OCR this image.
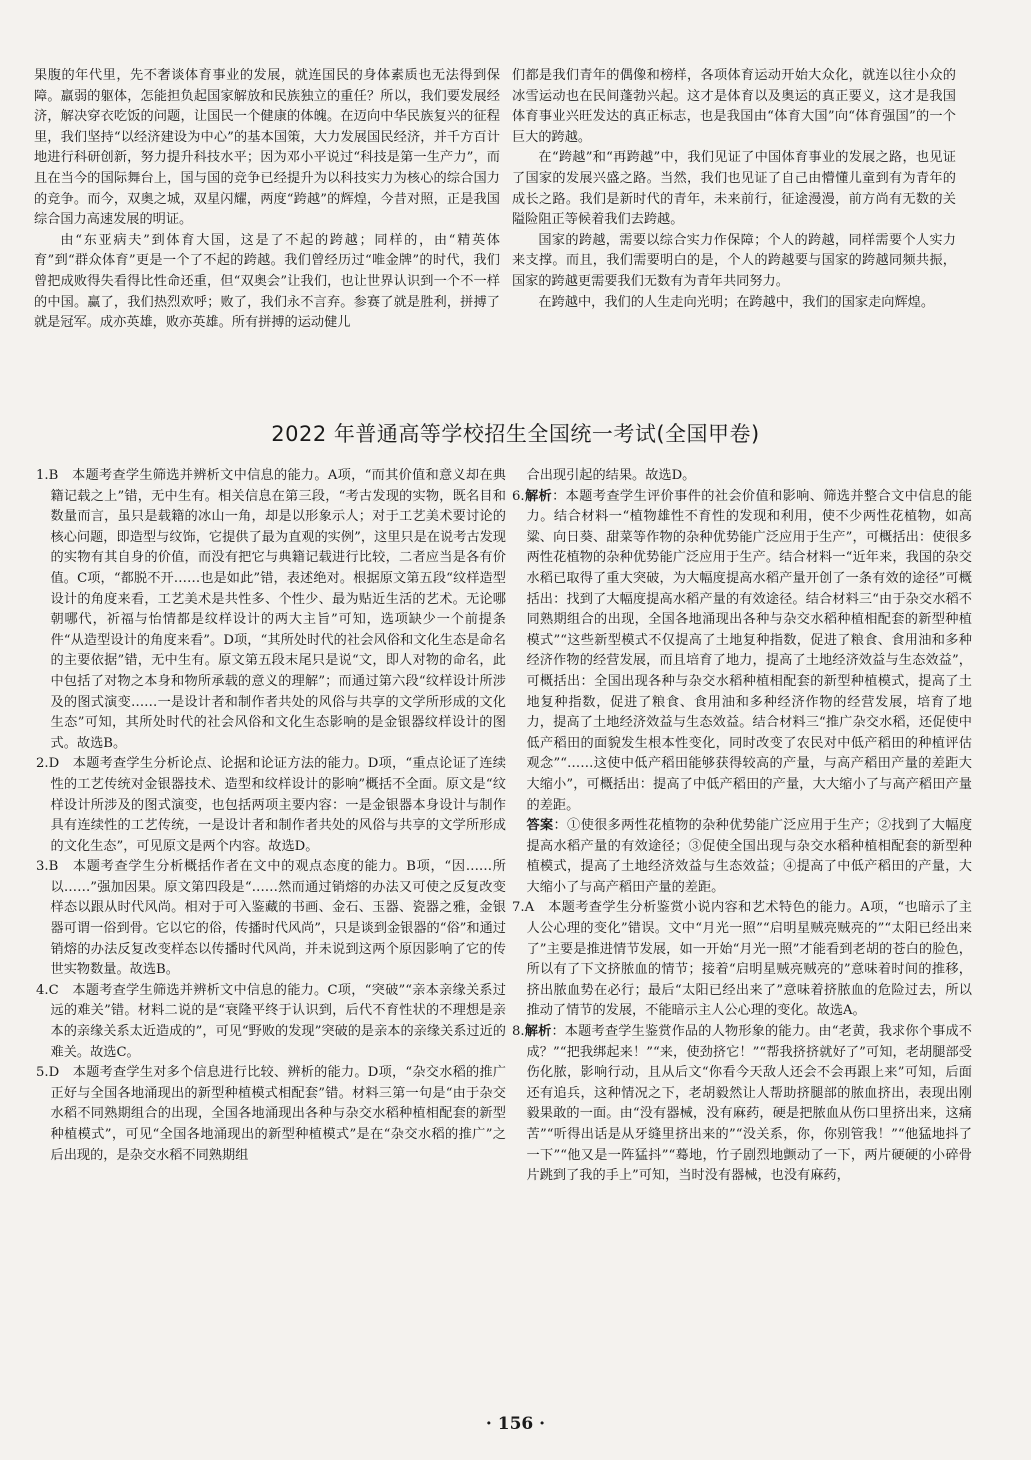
果腹的年代里，先不奢谈体育事业的发展，就连国民的身体素质也无法得到保障。羸弱的躯体，怎能担负起国家解放和民族独立的重任？所以，我们要发展经济，解决穿衣吃饭的问题，让国民一个健康的体魄。在迈向中华民族复兴的征程里，我们坚持“以经济建设为中心”的基本国策，大力发展国民经济，并千方百计地进行科研创新，努力提升科技水平；因为邓小平说过“科技是第一生产力”，而且在当今的国际舞台上，国与国的竞争已经提升为以科技实力为核心的综合国力的竞争。而今，双奥之城，双星闪耀，两度“跨越”的辉煌，今昔对照，正是我国综合国力高速发展的明证。

由“东亚病夫”到体育大国，这是了不起的跨越；同样的，由“精英体育”到“群众体育”更是一个了不起的跨越。我们曾经历过“唯金牌”的时代，我们曾把成败得失看得比性命还重，但“双奥会”让我们，也让世界认识到一个不一样的中国。赢了，我们热烈欢呼；败了，我们永不言弃。参赛了就是胜利，拼搏了就是冠军。成亦英雄，败亦英雄。所有拼搏的运动健儿

们都是我们青年的偶像和榜样，各项体育运动开始大众化，就连以往小众的冰雪运动也在民间蓬勃兴起。这才是体育以及奥运的真正要义，这才是我国体育事业兴旺发达的真正标志，也是我国由“体育大国”向“体育强国”的一个巨大的跨越。

在“跨越”和“再跨越”中，我们见证了中国体育事业的发展之路，也见证了国家的发展兴盛之路。当然，我们也见证了自己由懵懂儿童到有为青年的成长之路。我们是新时代的青年，未来前行，征途漫漫，前方尚有无数的关隘险阻正等候着我们去跨越。

国家的跨越，需要以综合实力作保障；个人的跨越，同样需要个人实力来支撑。而且，我们需要明白的是，个人的跨越要与国家的跨越同频共振，国家的跨越更需要我们无数有为青年共同努力。

在跨越中，我们的人生走向光明；在跨越中，我们的国家走向辉煌。

2022 年普通高等学校招生全国统一考试(全国甲卷)

1.B　本题考查学生筛选并辨析文中信息的能力。A项，“而其价值和意义却在典籍记载之上”错，无中生有。相关信息在第三段，“考古发现的实物，既名目和数量而言，虽只是载籍的冰山一角，却是以形象示人；对于工艺美术要讨论的核心问题，即造型与纹饰，它提供了最为直观的实例”，这里只是在说考古发现的实物有其自身的价值，而没有把它与典籍记载进行比较，二者应当是各有价值。C项，“都脱不开……也是如此”错，表述绝对。根据原文第五段“纹样造型设计的角度来看，工艺美术是共性多、个性少、最为贴近生活的艺术。无论哪朝哪代，祈福与怡情都是纹样设计的两大主旨”可知，选项缺少一个前提条件“从造型设计的角度来看”。D项，“其所处时代的社会风俗和文化生态是命名的主要依据”错，无中生有。原文第五段末尾只是说“文，即人对物的命名，此中包括了对物之本身和物所承载的意义的理解”；而通过第六段“纹样设计所涉及的图式演变……一是设计者和制作者共处的风俗与共享的文学所形成的文化生态”可知，其所处时代的社会风俗和文化生态影响的是金银器纹样设计的图式。故选B。

2.D　本题考查学生分析论点、论据和论证方法的能力。D项，“重点论证了连续性的工艺传统对金银器技术、造型和纹样设计的影响”概括不全面。原文是“纹样设计所涉及的图式演变，也包括两项主要内容：一是金银器本身设计与制作具有连续性的工艺传统，一是设计者和制作者共处的风俗与共享的文学所形成的文化生态”，可见原文是两个内容。故选D。

3.B　本题考查学生分析概括作者在文中的观点态度的能力。B项，“因……所以……”强加因果。原文第四段是“……然而通过销熔的办法又可使之反复改变样态以跟从时代风尚。相对于可入鉴藏的书画、金石、玉器、瓷器之雅，金银器可谓一俗到骨。它以它的俗，传播时代风尚”，只是谈到金银器的“俗”和通过销熔的办法反复改变样态以传播时代风尚，并未说到这两个原因影响了它的传世实物数量。故选B。

4.C　本题考查学生筛选并辨析文中信息的能力。C项，“突破”“亲本亲缘关系过远的难关”错。材料二说的是“衰隆平终于认识到，后代不育性状的不理想是亲本的亲缘关系太近造成的”，可见“野败的发现”突破的是亲本的亲缘关系过近的难关。故选C。

5.D　本题考查学生对多个信息进行比较、辨析的能力。D项，“杂交水稻的推广正好与全国各地涌现出的新型种植模式相配套”错。材料三第一句是“由于杂交水稻不同熟期组合的出现，全国各地涌现出各种与杂交水稻种植相配套的新型种植模式”，可见“全国各地涌现出的新型种植模式”是在“杂交水稻的推广”之后出现的，是杂交水稻不同熟期组

合出现引起的结果。故选D。

6.解析：本题考查学生评价事件的社会价值和影响、筛选并整合文中信息的能力。结合材料一“植物雄性不育性的发现和利用，使不少两性花植物，如高粱、向日葵、甜菜等作物的杂种优势能广泛应用于生产”，可概括出：使很多两性花植物的杂种优势能广泛应用于生产。结合材料一“近年来，我国的杂交水稻已取得了重大突破，为大幅度提高水稻产量开创了一条有效的途径”可概括出：找到了大幅度提高水稻产量的有效途径。结合材料三“由于杂交水稻不同熟期组合的出现，全国各地涌现出各种与杂交水稻种植相配套的新型种植模式”“这些新型模式不仅提高了土地复种指数，促进了粮食、食用油和多种经济作物的经营发展，而且培育了地力，提高了土地经济效益与生态效益”，可概括出：全国出现各种与杂交水稻种植相配套的新型种植模式，提高了土地复种指数，促进了粮食、食用油和多种经济作物的经营发展，培育了地力，提高了土地经济效益与生态效益。结合材料三“推广杂交水稻，还促使中低产稻田的面貌发生根本性变化，同时改变了农民对中低产稻田的种植评估观念”“……这使中低产稻田能够获得较高的产量，与高产稻田产量的差距大大缩小”，可概括出：提高了中低产稻田的产量，大大缩小了与高产稻田产量的差距。

答案：①使很多两性花植物的杂种优势能广泛应用于生产；②找到了大幅度提高水稻产量的有效途径；③促使全国出现与杂交水稻种植相配套的新型种植模式，提高了土地经济效益与生态效益；④提高了中低产稻田的产量，大大缩小了与高产稻田产量的差距。

7.A　本题考查学生分析鉴赏小说内容和艺术特色的能力。A项，“也暗示了主人公心理的变化”错误。文中“月光一照”“启明星贼亮贼亮的”“太阳已经出来了”主要是推进情节发展，如一开始“月光一照”才能看到老胡的苍白的脸色，所以有了下文挤脓血的情节；接着“启明星贼亮贼亮的”意味着时间的推移，挤出脓血势在必行；最后“太阳已经出来了”意味着挤脓血的危险过去，所以推动了情节的发展，不能暗示主人公心理的变化。故选A。

8.解析：本题考查学生鉴赏作品的人物形象的能力。由“老黄，我求你个事成不成？”“把我绑起来！”“来，使劲挤它！”“帮我挤挤就好了”可知，老胡腿部受伤化脓，影响行动，且从后文“你看今天敌人还会不会再跟上来”可知，后面还有追兵，这种情况之下，老胡毅然让人帮助挤腿部的脓血挤出，表现出刚毅果敢的一面。由“没有器械，没有麻药，硬是把脓血从伤口里挤出来，这痛苦”“听得出话是从牙缝里挤出来的”“没关系，你，你别管我！”“他猛地抖了一下”“他又是一阵猛抖”“蓦地，竹子剧烈地颤动了一下，两片硬硬的小碎骨片跳到了我的手上”可知，当时没有器械，也没有麻药，

· 156 ·
